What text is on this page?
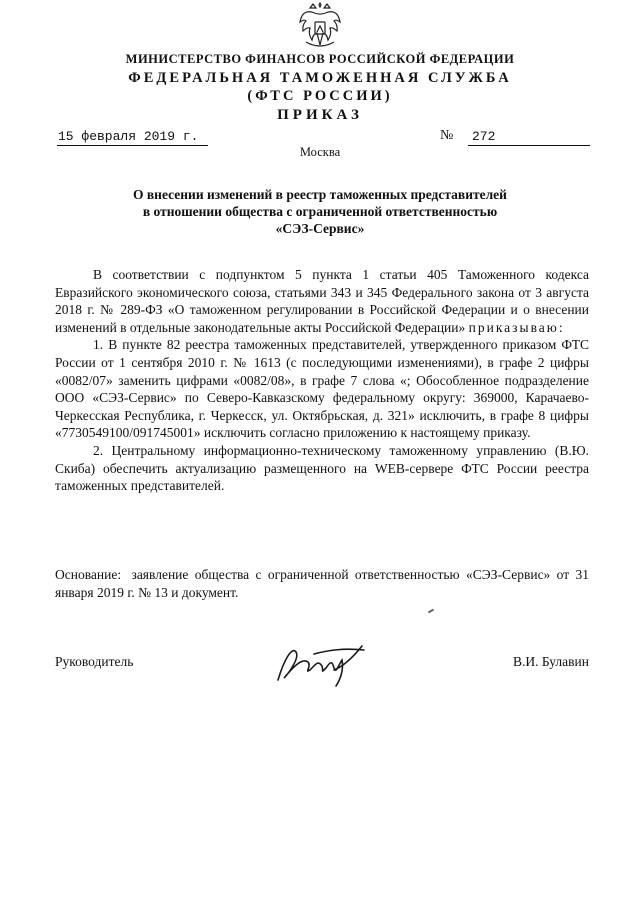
МИНИСТЕРСТВО ФИНАНСОВ РОССИЙСКОЙ ФЕДЕРАЦИИ
ФЕДЕРАЛЬНАЯ ТАМОЖЕННАЯ СЛУЖБА
(ФТС РОССИИ)
ПРИКАЗ
15 февраля 2019 г.	№	272
Москва
О внесении изменений в реестр таможенных представителей
в отношении общества с ограниченной ответственностью
«СЭЗ-Сервис»

В соответствии с подпунктом 5 пункта 1 статьи 405 Таможенного кодекса Евразийского экономического союза, статьями 343 и 345 Федерального закона от 3 августа 2018 г. № 289-ФЗ «О таможенном регулировании в Российской Федерации и о внесении изменений в отдельные законодательные акты Российской Федерации» приказываю:

1. В пункте 82 реестра таможенных представителей, утвержденного приказом ФТС России от 1 сентября 2010 г. № 1613 (с последующими изменениями), в графе 2 цифры «0082/07» заменить цифрами «0082/08», в графе 7 слова «; Обособленное подразделение ООО «СЭЗ-Сервис» по Северо-Кавказскому федеральному округу: 369000, Карачаево-Черкесская Республика, г. Черкесск, ул. Октябрьская, д. 321» исключить, в графе 8 цифры «7730549100/091745001» исключить согласно приложению к настоящему приказу.

2. Центральному информационно-техническому таможенному управлению (В.Ю. Скиба) обеспечить актуализацию размещенного на WEB-сервере ФТС России реестра таможенных представителей.

Основание: заявление общества с ограниченной ответственностью «СЭЗ-Сервис» от 31 января 2019 г. № 13 и документ.
Руководитель	В.И. Булавин
